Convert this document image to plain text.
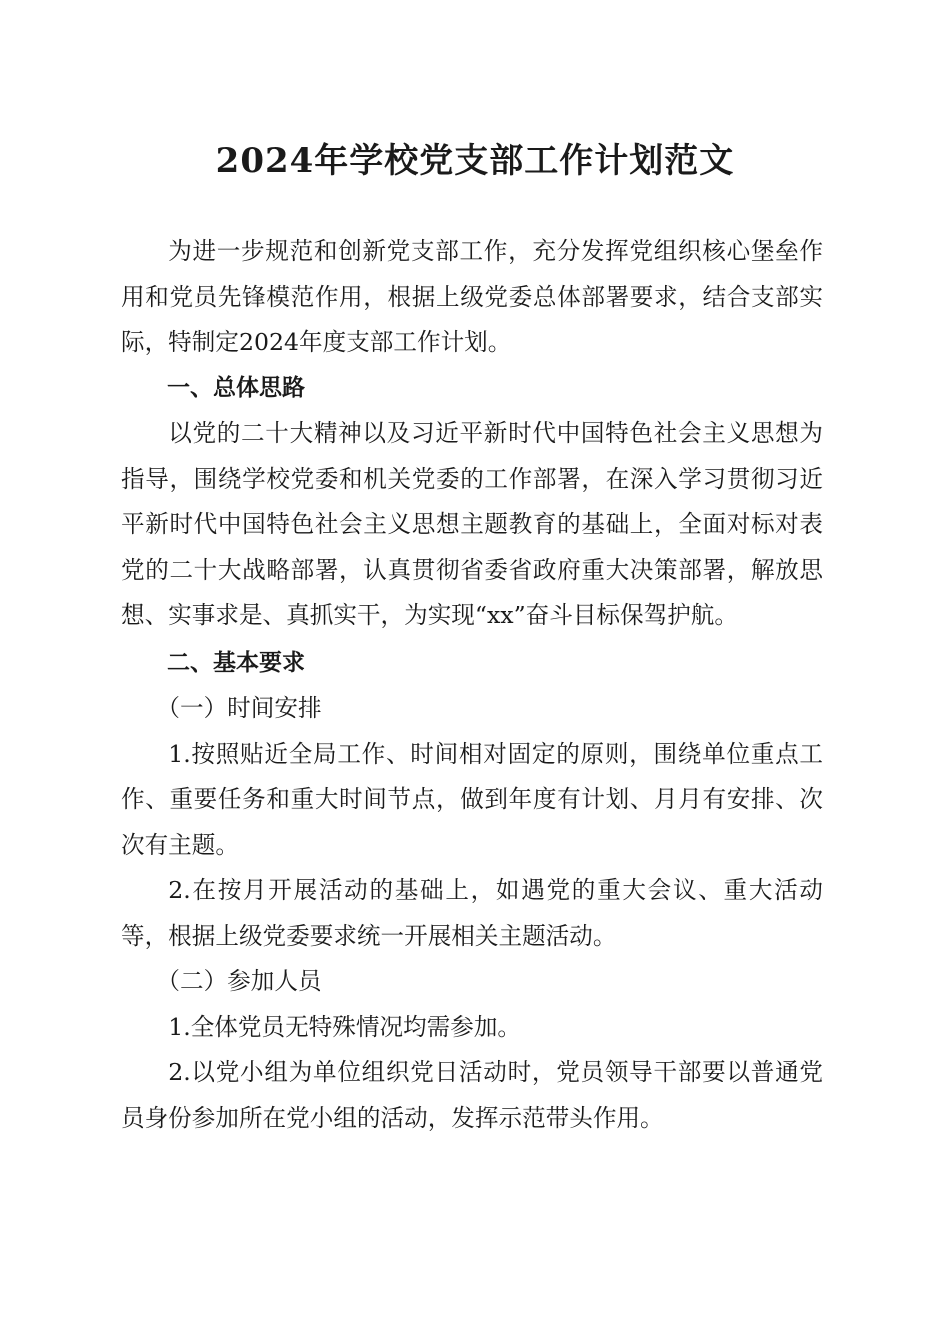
2024年学校党支部工作计划范文

为进一步规范和创新党支部工作，充分发挥党组织核心堡垒作用和党员先锋模范作用，根据上级党委总体部署要求，结合支部实际，特制定2024年度支部工作计划。

一、总体思路

以党的二十大精神以及习近平新时代中国特色社会主义思想为指导，围绕学校党委和机关党委的工作部署，在深入学习贯彻习近平新时代中国特色社会主义思想主题教育的基础上，全面对标对表党的二十大战略部署，认真贯彻省委省政府重大决策部署，解放思想、实事求是、真抓实干，为实现“xx”奋斗目标保驾护航。

二、基本要求

（一）时间安排

1.按照贴近全局工作、时间相对固定的原则，围绕单位重点工作、重要任务和重大时间节点，做到年度有计划、月月有安排、次次有主题。

2.在按月开展活动的基础上，如遇党的重大会议、重大活动等，根据上级党委要求统一开展相关主题活动。

（二）参加人员

1.全体党员无特殊情况均需参加。

2.以党小组为单位组织党日活动时，党员领导干部要以普通党员身份参加所在党小组的活动，发挥示范带头作用。
